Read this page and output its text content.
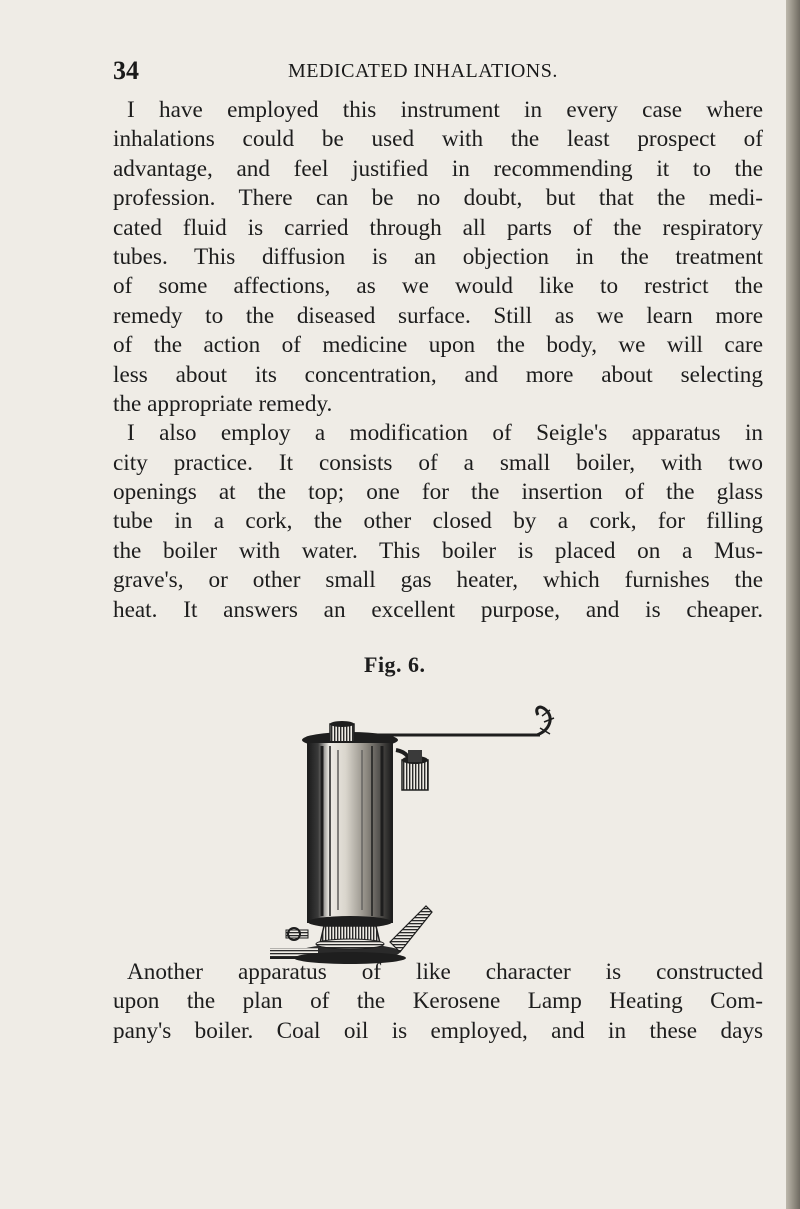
34	MEDICATED INHALATIONS.
I have employed this instrument in every case where
inhalations could be used with the least prospect of
advantage, and feel justified in recommending it to the
profession. There can be no doubt, but that the medi-
cated fluid is carried through all parts of the respiratory
tubes. This diffusion is an objection in the treatment
of some affections, as we would like to restrict the
remedy to the diseased surface. Still as we learn more
of the action of medicine upon the body, we will care
less about its concentration, and more about selecting
the appropriate remedy.
I also employ a modification of Seigle's apparatus in
city practice. It consists of a small boiler, with two
openings at the top; one for the insertion of the glass
tube in a cork, the other closed by a cork, for filling
the boiler with water. This boiler is placed on a Mus-
grave's, or other small gas heater, which furnishes the
heat. It answers an excellent purpose, and is cheaper.
Fig. 6.
Another apparatus of like character is constructed
upon the plan of the Kerosene Lamp Heating Com-
pany's boiler. Coal oil is employed, and in these days
